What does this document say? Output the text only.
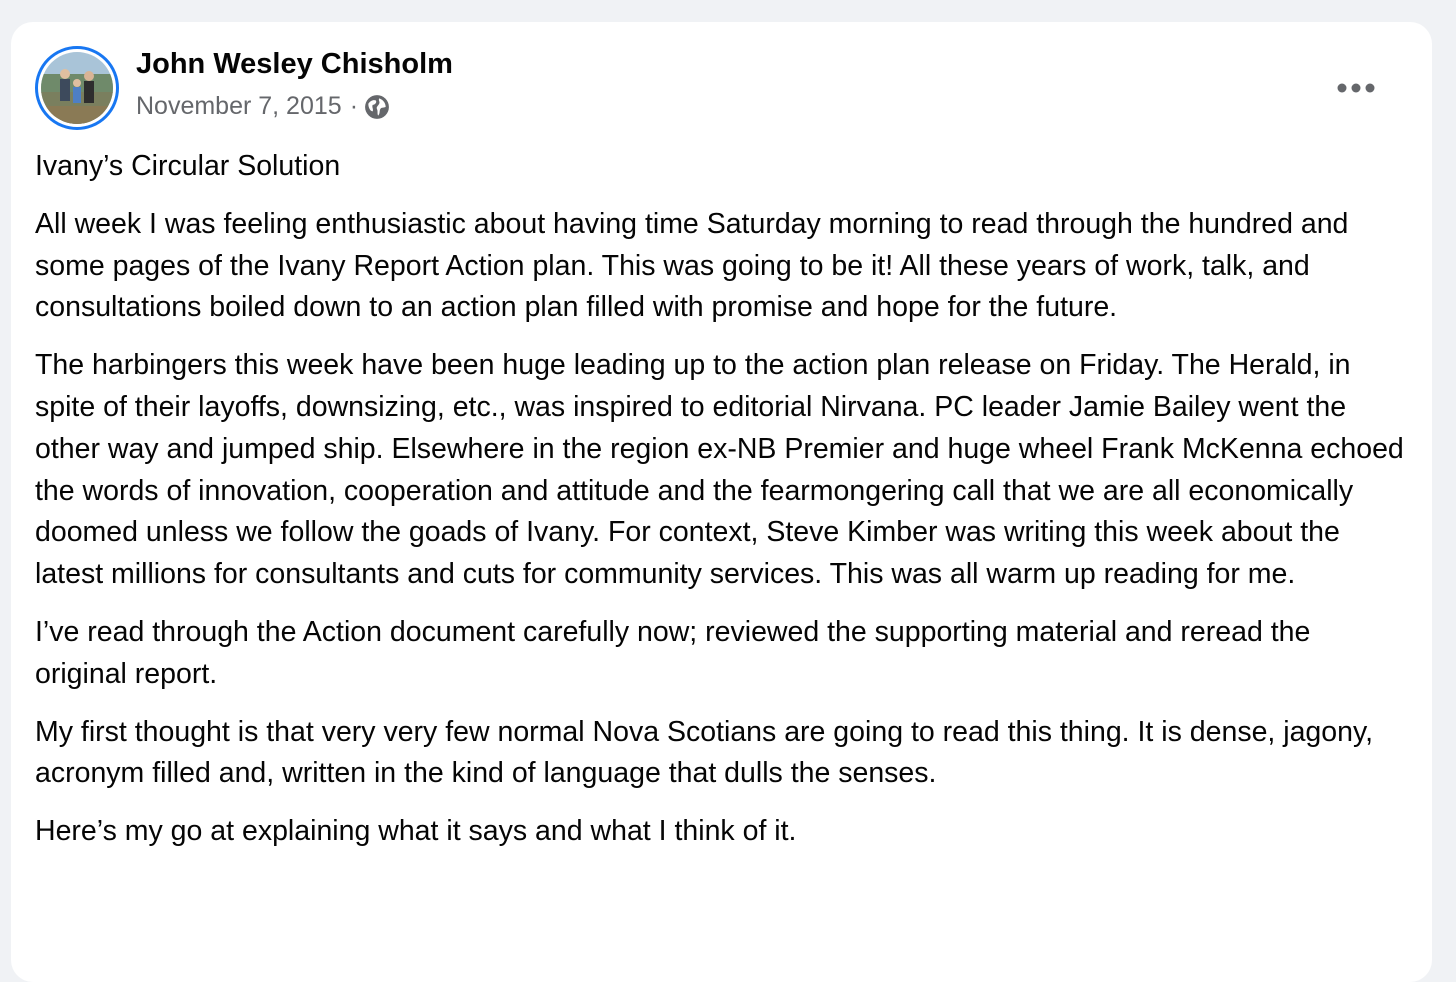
John Wesley Chisholm
November 7, 2015 ·

Ivany’s Circular Solution

All week I was feeling enthusiastic about having time Saturday morning to read through the hundred and some pages of the Ivany Report Action plan. This was going to be it! All these years of work, talk, and consultations boiled down to an action plan filled with promise and hope for the future.

The harbingers this week have been huge leading up to the action plan release on Friday. The Herald, in spite of their layoffs, downsizing, etc., was inspired to editorial Nirvana. PC leader Jamie Bailey went the other way and jumped ship. Elsewhere in the region ex-NB Premier and huge wheel Frank McKenna echoed the words of innovation, cooperation and attitude and the fearmongering call that we are all economically doomed unless we follow the goads of Ivany. For context, Steve Kimber was writing this week about the latest millions for consultants and cuts for community services. This was all warm up reading for me.

I’ve read through the Action document carefully now; reviewed the supporting material and reread the original report.

My first thought is that very very few normal Nova Scotians are going to read this thing. It is dense, jagony, acronym filled and, written in the kind of language that dulls the senses.

Here’s my go at explaining what it says and what I think of it.
